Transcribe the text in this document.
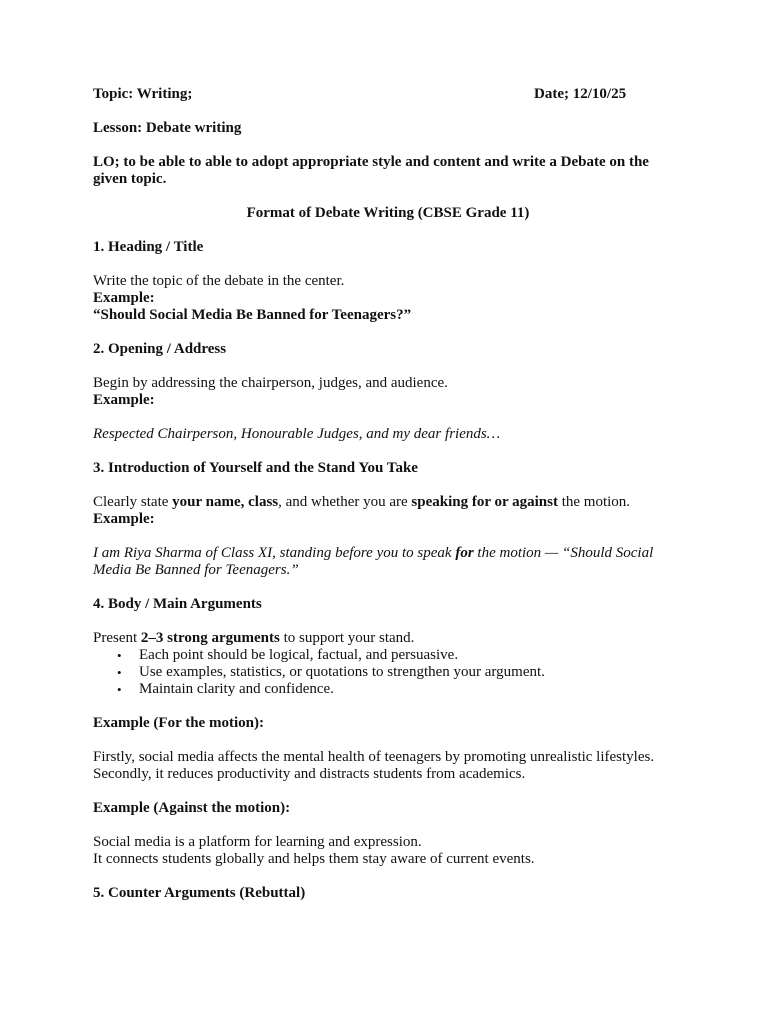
Topic: Writing;	Date; 12/10/25
Lesson: Debate writing
LO; to be able to able to adopt appropriate style and content and write a Debate on the
given topic.
Format of Debate Writing (CBSE Grade 11)
1. Heading / Title
Write the topic of the debate in the center.
Example:
“Should Social Media Be Banned for Teenagers?”
2. Opening / Address
Begin by addressing the chairperson, judges, and audience.
Example:
Respected Chairperson, Honourable Judges, and my dear friends…
3. Introduction of Yourself and the Stand You Take
Clearly state your name, class, and whether you are speaking for or against the motion.
Example:
I am Riya Sharma of Class XI, standing before you to speak for the motion — “Should Social
Media Be Banned for Teenagers.”
4. Body / Main Arguments
Present 2–3 strong arguments to support your stand.
• Each point should be logical, factual, and persuasive.
• Use examples, statistics, or quotations to strengthen your argument.
• Maintain clarity and confidence.
Example (For the motion):
Firstly, social media affects the mental health of teenagers by promoting unrealistic lifestyles.
Secondly, it reduces productivity and distracts students from academics.
Example (Against the motion):
Social media is a platform for learning and expression.
It connects students globally and helps them stay aware of current events.
5. Counter Arguments (Rebuttal)
